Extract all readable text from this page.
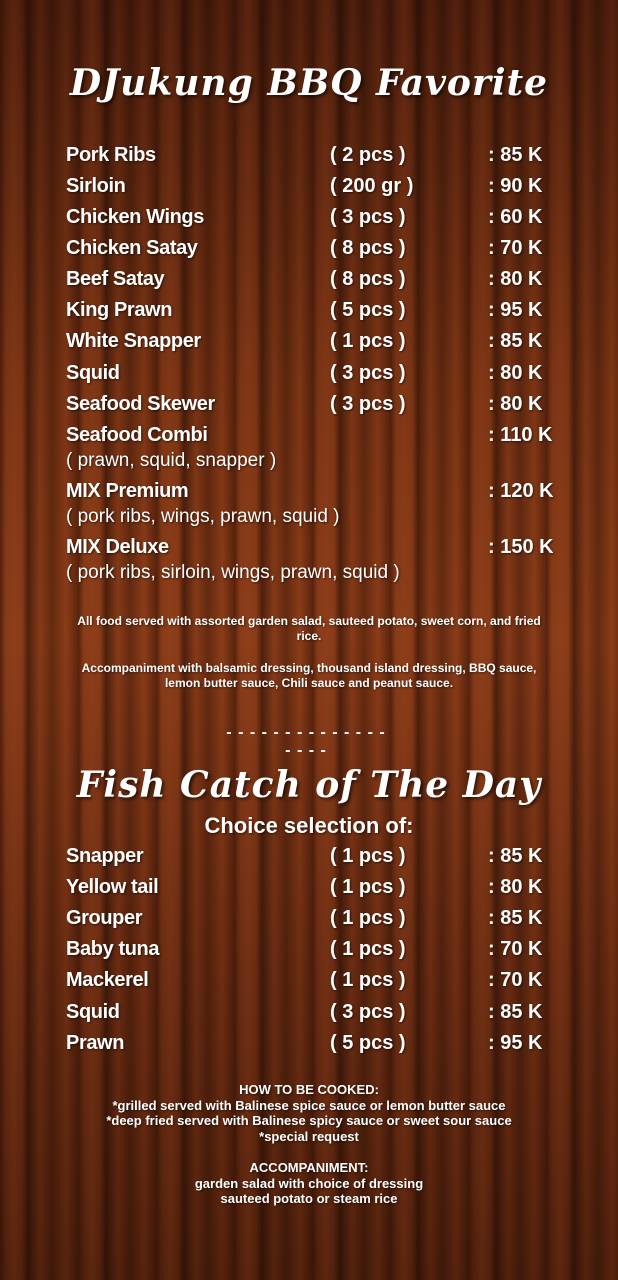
DJukung BBQ Favorite
Pork Ribs	( 2 pcs )	: 85 K
Sirloin	( 200 gr )	: 90 K
Chicken Wings	( 3 pcs )	: 60 K
Chicken Satay	( 8 pcs )	: 70 K
Beef Satay	( 8 pcs )	: 80 K
King Prawn	( 5 pcs )	: 95 K
White Snapper	( 1 pcs )	: 85 K
Squid	( 3 pcs )	: 80 K
Seafood Skewer	( 3 pcs )	: 80 K
Seafood Combi	: 110 K
( prawn, squid, snapper )
MIX Premium	: 120 K
( pork ribs, wings, prawn, squid )
MIX Deluxe	: 150 K
( pork ribs, sirloin, wings, prawn, squid )
All food served with assorted garden salad, sauteed potato, sweet corn, and fried rice.
Accompaniment with balsamic dressing, thousand island dressing, BBQ sauce, lemon butter sauce, Chili sauce and peanut sauce.
- - - - - - - - - - - - - - - - - -
Fish Catch of The Day
Choice selection of:
Snapper	( 1 pcs )	: 85 K
Yellow tail	( 1 pcs )	: 80 K
Grouper	( 1 pcs )	: 85 K
Baby tuna	( 1 pcs )	: 70 K
Mackerel	( 1 pcs )	: 70 K
Squid	( 3 pcs )	: 85 K
Prawn	( 5 pcs )	: 95 K
HOW TO BE COOKED:
*grilled served with Balinese spice sauce or lemon butter sauce
*deep fried served with Balinese spicy sauce or sweet sour sauce
*special request
ACCOMPANIMENT:
garden salad with choice of dressing
sauteed potato or steam rice
